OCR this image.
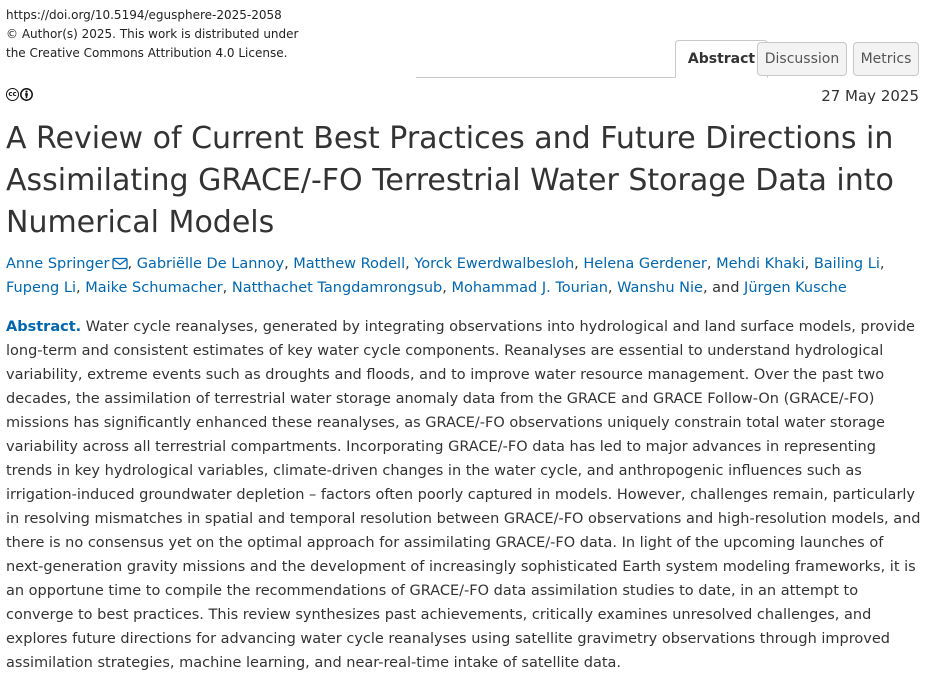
https://doi.org/10.5194/egusphere-2025-2058
© Author(s) 2025. This work is distributed under
the Creative Commons Attribution 4.0 License.	Abstract Discussion	Metrics
cc	27 May 2025
A Review of Current Best Practices and Future Directions in Assimilating GRACE/-FO Terrestrial Water Storage Data into Numerical Models
Anne Springer , Gabriëlle De Lannoy, Matthew Rodell, Yorck Ewerdwalbesloh, Helena Gerdener, Mehdi Khaki, Bailing Li, Fupeng Li, Maike Schumacher, Natthachet Tangdamrongsub, Mohammad J. Tourian, Wanshu Nie, and Jürgen Kusche

Abstract. Water cycle reanalyses, generated by integrating observations into hydrological and land surface models, provide long-term and consistent estimates of key water cycle components. Reanalyses are essential to understand hydrological variability, extreme events such as droughts and floods, and to improve water resource management. Over the past two decades, the assimilation of terrestrial water storage anomaly data from the GRACE and GRACE Follow-On (GRACE/-FO) missions has significantly enhanced these reanalyses, as GRACE/-FO observations uniquely constrain total water storage variability across all terrestrial compartments. Incorporating GRACE/-FO data has led to major advances in representing trends in key hydrological variables, climate-driven changes in the water cycle, and anthropogenic influences such as irrigation-induced groundwater depletion – factors often poorly captured in models. However, challenges remain, particularly in resolving mismatches in spatial and temporal resolution between GRACE/-FO observations and high-resolution models, and there is no consensus yet on the optimal approach for assimilating GRACE/-FO data. In light of the upcoming launches of next-generation gravity missions and the development of increasingly sophisticated Earth system modeling frameworks, it is an opportune time to compile the recommendations of GRACE/-FO data assimilation studies to date, in an attempt to converge to best practices. This review synthesizes past achievements, critically examines unresolved challenges, and explores future directions for advancing water cycle reanalyses using satellite gravimetry observations through improved assimilation strategies, machine learning, and near-real-time intake of satellite data.
